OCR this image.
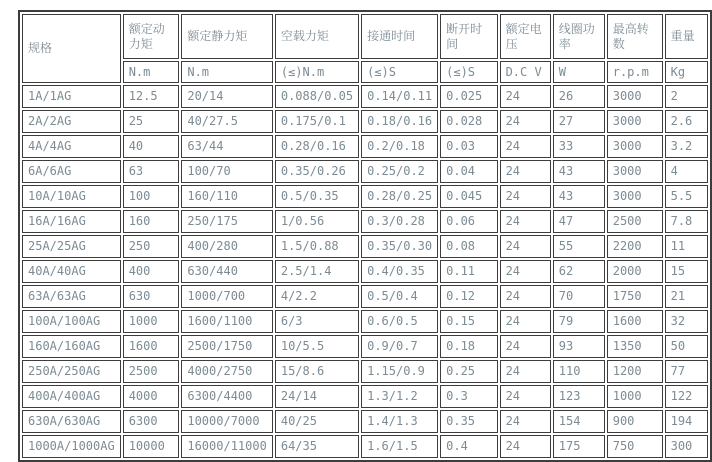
规格	额定动力矩	额定静力矩	空载力矩	接通时间	断开时间	额定电压	线圈功率	最高转数	重量
	N.m	N.m	(≤)N.m	(≤)S	(≤)S	D.C V	W	r.p.m	Kg
1A/1AG	12.5	20/14	0.088/0.05	0.14/0.11	0.025	24	26	3000	2
2A/2AG	25	40/27.5	0.175/0.1	0.18/0.16	0.028	24	27	3000	2.6
4A/4AG	40	63/44	0.28/0.16	0.2/0.18	0.03	24	33	3000	3.2
6A/6AG	63	100/70	0.35/0.26	0.25/0.2	0.04	24	43	3000	4
10A/10AG	100	160/110	0.5/0.35	0.28/0.25	0.045	24	43	3000	5.5
16A/16AG	160	250/175	1/0.56	0.3/0.28	0.06	24	47	2500	7.8
25A/25AG	250	400/280	1.5/0.88	0.35/0.30	0.08	24	55	2200	11
40A/40AG	400	630/440	2.5/1.4	0.4/0.35	0.11	24	62	2000	15
63A/63AG	630	1000/700	4/2.2	0.5/0.4	0.12	24	70	1750	21
100A/100AG	1000	1600/1100	6/3	0.6/0.5	0.15	24	79	1600	32
160A/160AG	1600	2500/1750	10/5.5	0.9/0.7	0.18	24	93	1350	50
250A/250AG	2500	4000/2750	15/8.6	1.15/0.9	0.25	24	110	1200	77
400A/400AG	4000	6300/4400	24/14	1.3/1.2	0.3	24	123	1000	122
630A/630AG	6300	10000/7000	40/25	1.4/1.3	0.35	24	154	900	194
1000A/1000AG	10000	16000/11000	64/35	1.6/1.5	0.4	24	175	750	300
